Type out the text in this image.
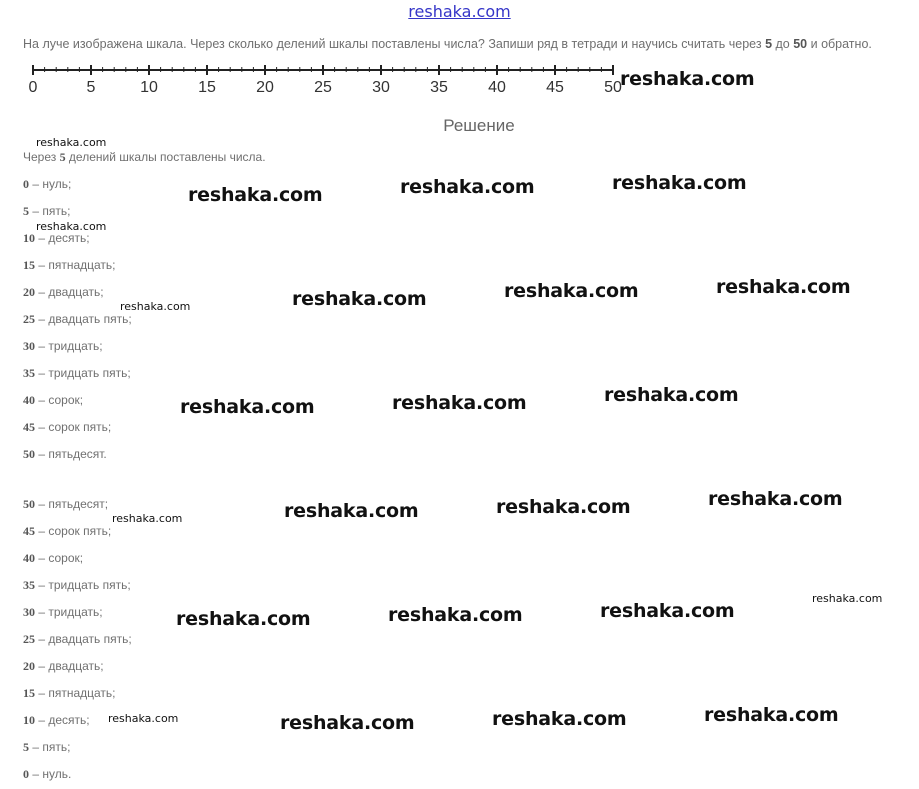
reshaka.com
На луче изображена шкала. Через сколько делений шкалы поставлены числа? Запиши ряд в тетради и научись считать через 5 до 50 и обратно.
0	5	10	15	20	25	30	35	40	45	50
Решение
Через 5 делений шкалы поставлены числа.
0 – нуль;
5 – пять;
10 – десять;
15 – пятнадцать;
20 – двадцать;
25 – двадцать пять;
30 – тридцать;
35 – тридцать пять;
40 – сорок;
45 – сорок пять;
50 – пятьдесят.
50 – пятьдесят;
45 – сорок пять;
40 – сорок;
35 – тридцать пять;
30 – тридцать;
25 – двадцать пять;
20 – двадцать;
15 – пятнадцать;
10 – десять;
5 – пять;
0 – нуль.
reshaka.com
reshaka.com	reshaka.com	reshaka.com
reshaka.com	reshaka.com	reshaka.com
reshaka.com	reshaka.com	reshaka.com
reshaka.com	reshaka.com	reshaka.com
reshaka.com	reshaka.com	reshaka.com
reshaka.com	reshaka.com	reshaka.com
reshaka.com
reshaka.com
reshaka.com
reshaka.com
reshaka.com
reshaka.com
